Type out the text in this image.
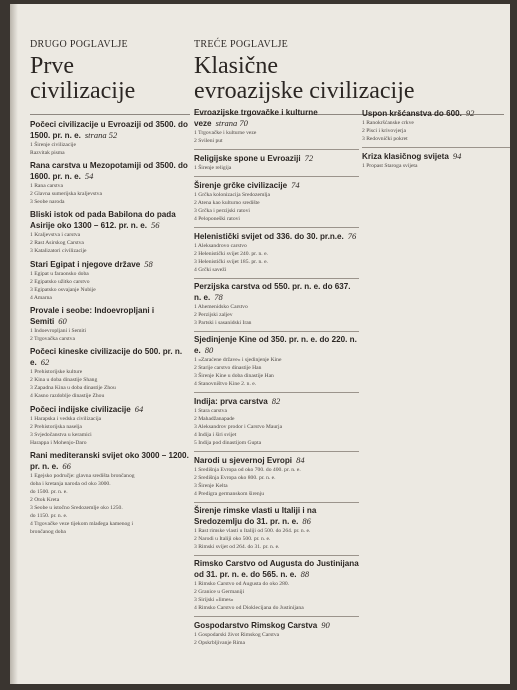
DRUGO POGLAVLJE
Prve
civilizacije
Počeci civilizacije u Evroaziji od 3500. do 1500. pr. n. e. strana 52
1 Širenje civilizacije
Razvitak pisma
Rana carstva u Mezopotamiji od 3500. do 1600. pr. n. e. 54
1 Rana carstva
2 Glavna sumerijska kraljevstva
3 Seobe naroda
Bliski istok od pada Babilona do pada Asirije oko 1300 – 612. pr. n. e. 56
1 Kraljevstva i carstva
2 Rast Asirskog Carstva
3 Katalizatori civilizacije
Stari Egipat i njegove države 58
1 Egipat u faraonsko doba
2 Egipatsko užitko carstvo
3 Egipatsko osvajanje Nubije
4 Amarna
Provale i seobe: Indoevropljani i Semiti 60
1 Indoevropljani i Semiti
2 Trgovačka carstva
Počeci kineske civilizacije do 500. pr. n. e. 62
1 Prehistorijske kulture
2 Kina u doba dinastije Shang
3 Zapadna Kina u doba dinastije Zhou
4 Kasno razdoblje dinastije Zhou
Počeci indijske civilizacije 64
1 Harapska i vedska civilizacija
2 Prehistorijska naselja
3 Svjedočanstva u keramici
Harappa i Mohenjo-Daro
Rani mediteranski svijet oko 3000 – 1200. pr. n. e. 66
1 Egejsko područje: glavna središta brončanog
doba i kretanja naroda od oko 3000.
do 1500. pr. n. e.
2 Otok Kreta
3 Seobe u istočno Sredozemlje oko 1250.
do 1150. pr. n. e.
4 Trgovačke veze tijekom mlađega kamenog i
brončanog doba
TREĆE POGLAVLJE
Klasične
evroazijske civilizacije
Evroazijske trgovačke i kulturne veze strana 70
1 Trgovačke i kulturne veze
2 Svileni put
Religijske spone u Evroaziji 72
1 Širenje religija
Širenje grčke civilizacije 74
1 Grčka kolonizacija Sredozemlja
2 Atena kao kulturno središte
3 Grčka i perzijski ratovi
4 Peloponeški ratovi
Helenistički svijet od 336. do 30. pr.n.e. 76
1 Aleksandrovo carstvo
2 Helenistički svijet 240. pr. n. e.
3 Helenistički svijet 185. pr. n. e.
4 Grčki saveži
Perzijska carstva od 550. pr. n. e. do 637. n. e. 78
1 Ahemenidsko Carstvo
2 Perzijski zaljev
3 Partski i sasanidski Iran
Sjedinjenje Kine od 350. pr. n. e. do 220. n. e. 80
1 «Zaraćene države» i sjedinjenje Kine
2 Starije carstvo dinastije Han
3 Širenje Kine u doba dinastije Han
4 Stanovništvo Kine 2. n. e.
Indija: prva carstva 82
1 Stara carstva
2 Mahadžanapade
3 Aleksandrov prodor i Carstvo Maurja
4 Indija i širi svijet
5 Indija pod dinastijom Gupta
Narodi u sjevernoj Evropi 84
1 Središnja Evropa od oko 700. do 400. pr. n. e.
2 Središnja Evropa oko 800. pr. n. e.
3 Širenje Kelta
4 Predigra germanskom širenju
Širenje rimske vlasti u Italiji i na Sredozemlju do 31. pr. n. e. 86
1 Rast rimske vlasti u Italiji od 500. do 264. pr. n. e.
2 Narodi u Italiji oko 500. pr. n. e.
3 Rimski svijet od 264. do 31. pr. n. e.
Rimsko Carstvo od Augusta do Justinijana od 31. pr. n. e. do 565. n. e. 88
1 Rimsko Carstvo od Augusta do oko 280.
2 Granice u Germaniji
3 Sirijski «limes»
4 Rimsko Carstvo od Dioklecijana do Justinijana
Gospodarstvo Rimskog Carstva 90
1 Gospodarski život Rimskog Carstva
2 Opskrbljivanje Rima
Uspon kršćanstva do 600. 92
1 Ranokršćanske crkve
2 Pisci i krivovjerja
3 Redovnički pokret
Kriza klasičnog svijeta 94
1 Propast Staroga svijeta
